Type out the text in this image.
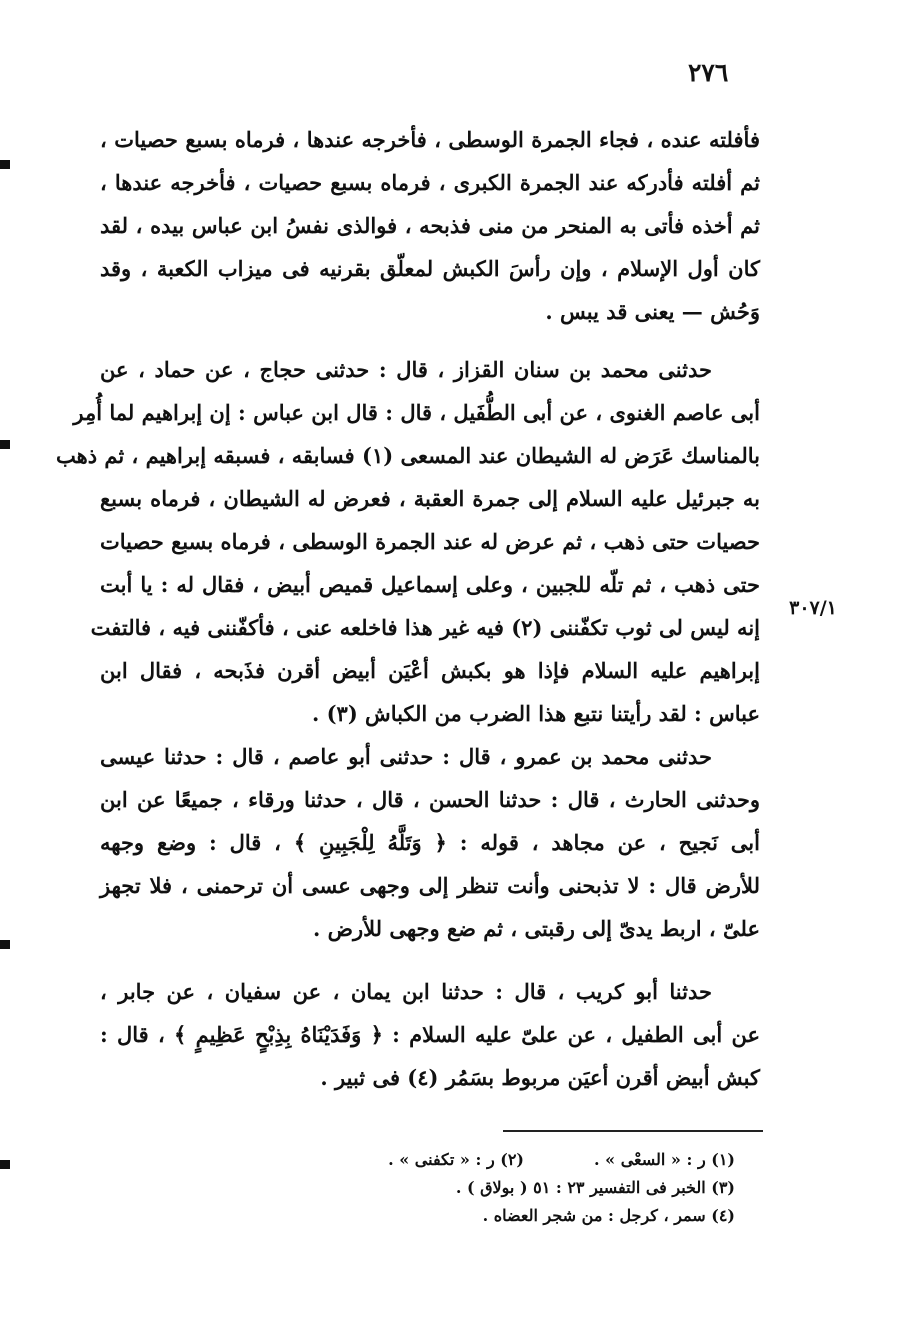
٢٧٦
فأفلته عنده ، فجاء الجمرة الوسطى ، فأخرجه عندها ، فرماه بسبع حصيات ،
ثم أفلته فأدركه عند الجمرة الكبرى ، فرماه بسبع حصيات ، فأخرجه عندها ،
ثم أخذه فأتى به المنحر من منى فذبحه ، فوالذى نفسُ ابن عباس بيده ، لقد
كان أول الإسلام ، وإن رأسَ الكبش لمعلّق بقرنيه فى ميزاب الكعبة ، وقد
وَحُش — يعنى قد يبس .
حدثنى محمد بن سنان القزاز ، قال : حدثنى حجاج ، عن حماد ، عن
أبى عاصم الغنوى ، عن أبى الطُّفَيل ، قال : قال ابن عباس : إن إبراهيم لما أُمِر
بالمناسك عَرَض له الشيطان عند المسعى (١) فسابقه ، فسبقه إبراهيم ، ثم ذهب
به جبرئيل عليه السلام إلى جمرة العقبة ، فعرض له الشيطان ، فرماه بسبع
حصيات حتى ذهب ، ثم عرض له عند الجمرة الوسطى ، فرماه بسبع حصيات
حتى ذهب ، ثم تلّه للجبين ، وعلى إسماعيل قميص أبيض ، فقال له : يا أبت
إنه ليس لى ثوب تكفّننى (٢) فيه غير هذا فاخلعه عنى ، فأكفّننى فيه ، فالتفت
إبراهيم عليه السلام فإذا هو بكبش أعْيَن أبيض أقرن فذَبحه ، فقال ابن
عباس : لقد رأيتنا نتبع هذا الضرب من الكباش (٣) .
٣٠٧/١
حدثنى محمد بن عمرو ، قال : حدثنى أبو عاصم ، قال : حدثنا عيسى
وحدثنى الحارث ، قال : حدثنا الحسن ، قال ، حدثنا ورقاء ، جميعًا عن ابن
أبى نَجيح ، عن مجاهد ، قوله : ﴿ وَتَلَّهُ لِلْجَبِينِ ﴾ ، قال : وضع وجهه
للأرض قال : لا تذبحنى وأنت تنظر إلى وجهى عسى أن ترحمنى ، فلا تجهز
علىّ ، اربط يدىّ إلى رقبتى ، ثم ضع وجهى للأرض .
حدثنا أبو كريب ، قال : حدثنا ابن يمان ، عن سفيان ، عن جابر ،
عن أبى الطفيل ، عن علىّ عليه السلام : ﴿ وَفَدَيْنَاهُ بِذِبْحٍ عَظِيمٍ ﴾ ، قال :
كبش أبيض أقرن أعيَن مربوط بسَمُر (٤) فى ثبير .
(١) ر : « السعْى » .(٢) ر : « تكفنى » .
(٣) الخبر فى التفسير ٢٣ : ٥١ ( بولاق ) .
(٤) سمر ، كرجل : من شجر العضاه .
